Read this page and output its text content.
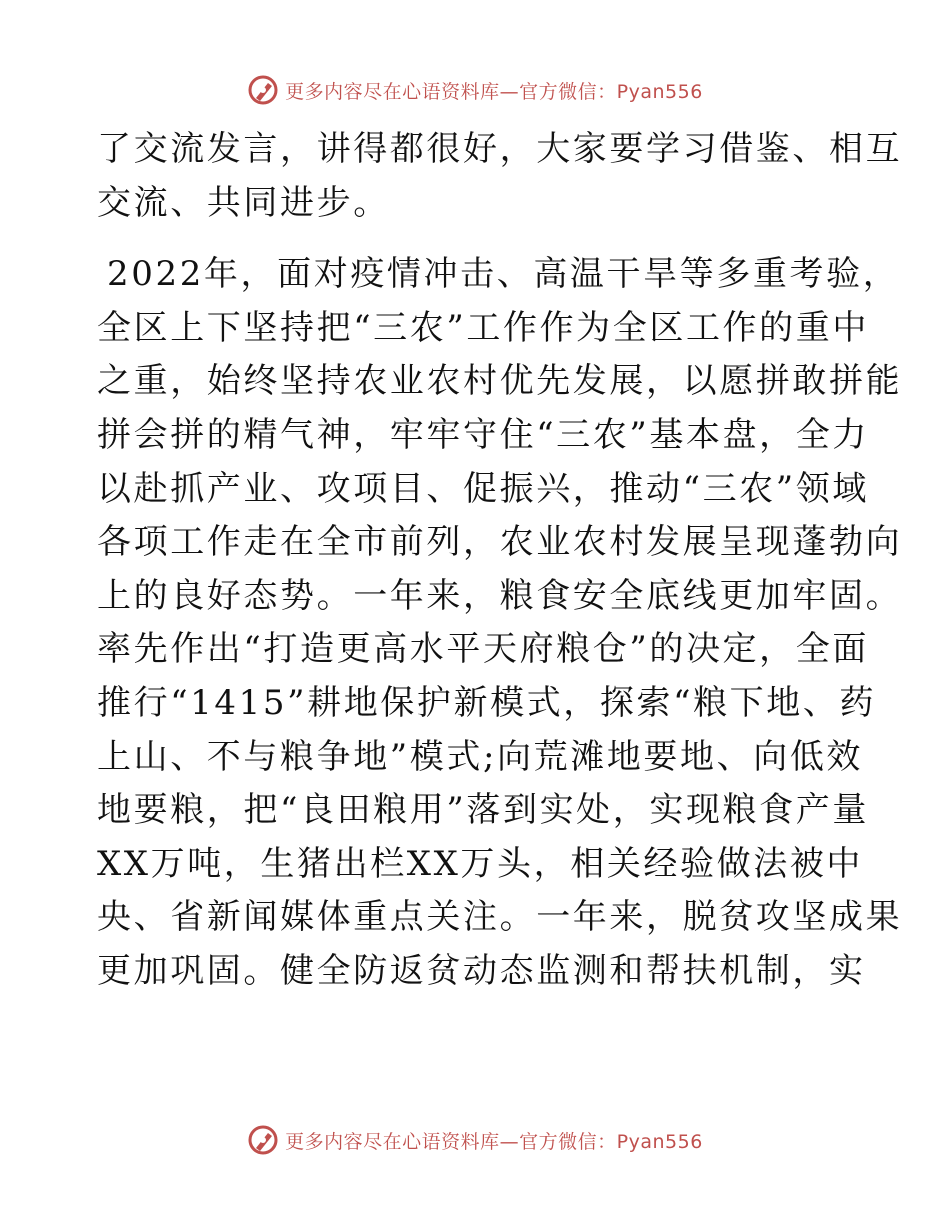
更多内容尽在心语资料库—官方微信：Pyan556
了交流发言，讲得都很好，大家要学习借鉴、相互
交流、共同进步。
2022年，面对疫情冲击、高温干旱等多重考验，
全区上下坚持把“三农”工作作为全区工作的重中
之重，始终坚持农业农村优先发展，以愿拼敢拼能
拼会拼的精气神，牢牢守住“三农”基本盘，全力
以赴抓产业、攻项目、促振兴，推动“三农”领域
各项工作走在全市前列，农业农村发展呈现蓬勃向
上的良好态势。一年来，粮食安全底线更加牢固。
率先作出“打造更高水平天府粮仓”的决定，全面
推行“1415”耕地保护新模式，探索“粮下地、药
上山、不与粮争地”模式;向荒滩地要地、向低效
地要粮，把“良田粮用”落到实处，实现粮食产量
XX万吨，生猪出栏XX万头，相关经验做法被中
央、省新闻媒体重点关注。一年来，脱贫攻坚成果
更加巩固。健全防返贫动态监测和帮扶机制，实
更多内容尽在心语资料库—官方微信：Pyan556
